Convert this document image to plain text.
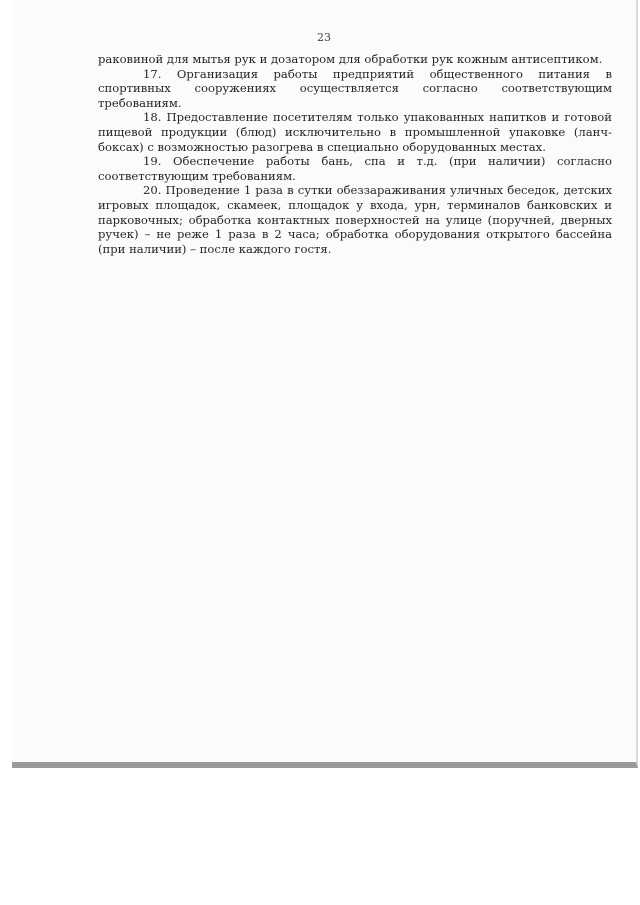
23

раковиной для мытья рук и дозатором для обработки рук кожным антисептиком.

17. Организация работы предприятий общественного питания в спортивных сооружениях осуществляется согласно соответствующим требованиям.

18. Предоставление посетителям только упакованных напитков и готовой пищевой продукции (блюд) исключительно в промышленной упаковке (ланч-боксах) с возможностью разогрева в специально оборудованных местах.

19. Обеспечение работы бань, спа и т.д. (при наличии) согласно соответствующим требованиям.

20. Проведение 1 раза в сутки обеззараживания уличных беседок, детских игровых площадок, скамеек, площадок у входа, урн, терминалов банковских и парковочных; обработка контактных поверхностей на улице (поручней, дверных ручек) – не реже 1 раза в 2 часа; обработка оборудования открытого бассейна (при наличии) – после каждого гостя.
